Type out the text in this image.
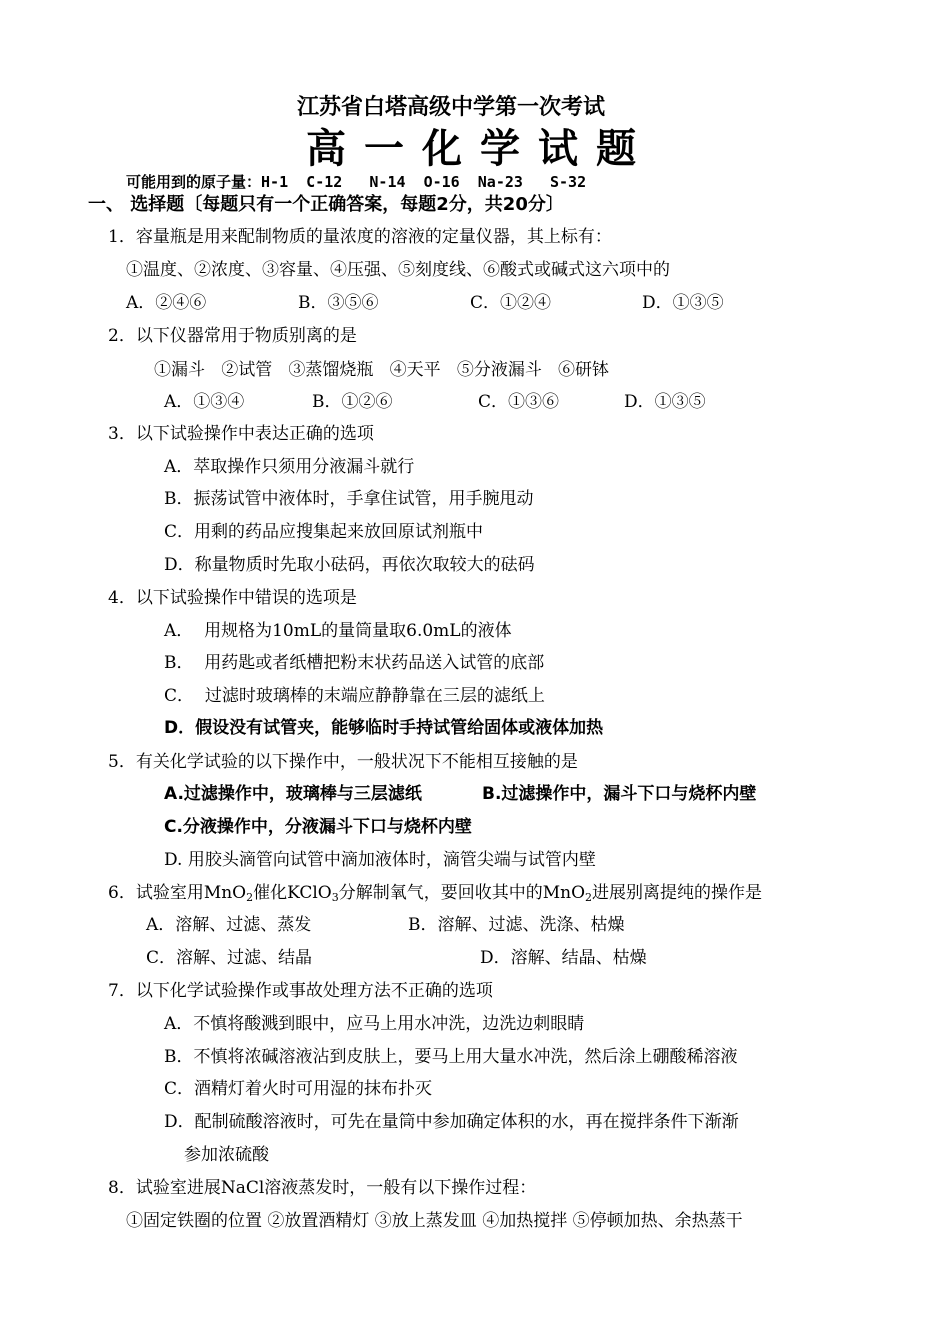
江苏省白塔高级中学第一次考试
高一化学试题
可能用到的原子量：H-1  C-12   N-14  O-16  Na-23   S-32
一、 选择题〔每题只有一个正确答案，每题2分，共20分〕
1．容量瓶是用来配制物质的量浓度的溶液的定量仪器，其上标有：
①温度、②浓度、③容量、④压强、⑤刻度线、⑥酸式或碱式这六项中的
A．②④⑥	B．③⑤⑥	C．①②④	D．①③⑤
2．以下仪器常用于物质别离的是
①漏斗   ②试管   ③蒸馏烧瓶   ④天平   ⑤分液漏斗   ⑥研钵
A．①③④	B．①②⑥	C．①③⑥	D．①③⑤
3．以下试验操作中表达正确的选项
A．萃取操作只须用分液漏斗就行
B．振荡试管中液体时，手拿住试管，用手腕甩动
C．用剩的药品应搜集起来放回原试剂瓶中
D．称量物质时先取小砝码，再依次取较大的砝码
4．以下试验操作中错误的选项是
A．  用规格为10mL的量筒量取6.0mL的液体
B．  用药匙或者纸槽把粉末状药品送入试管的底部
C．  过滤时玻璃棒的末端应静静靠在三层的滤纸上
D．假设没有试管夹，能够临时手持试管给固体或液体加热
5．有关化学试验的以下操作中，一般状况下不能相互接触的是
A.过滤操作中，玻璃棒与三层滤纸	B.过滤操作中，漏斗下口与烧杯内壁
C.分液操作中，分液漏斗下口与烧杯内壁
D. 用胶头滴管向试管中滴加液体时，滴管尖端与试管内壁
6．试验室用MnO$_2$催化KClO$_3$分解制氧气，要回收其中的MnO$_2$进展别离提纯的操作是
A．溶解、过滤、蒸发	B．溶解、过滤、洗涤、枯燥
C．溶解、过滤、结晶	D．溶解、结晶、枯燥
7．以下化学试验操作或事故处理方法不正确的选项
A．不慎将酸溅到眼中，应马上用水冲洗，边洗边刺眼睛
B．不慎将浓碱溶液沾到皮肤上，要马上用大量水冲洗，然后涂上硼酸稀溶液
C．酒精灯着火时可用湿的抹布扑灭
D．配制硫酸溶液时，可先在量筒中参加确定体积的水，再在搅拌条件下渐渐
参加浓硫酸
8．试验室进展NaCl溶液蒸发时，一般有以下操作过程：
①固定铁圈的位置 ②放置酒精灯 ③放上蒸发皿 ④加热搅拌 ⑤停顿加热、余热蒸干
